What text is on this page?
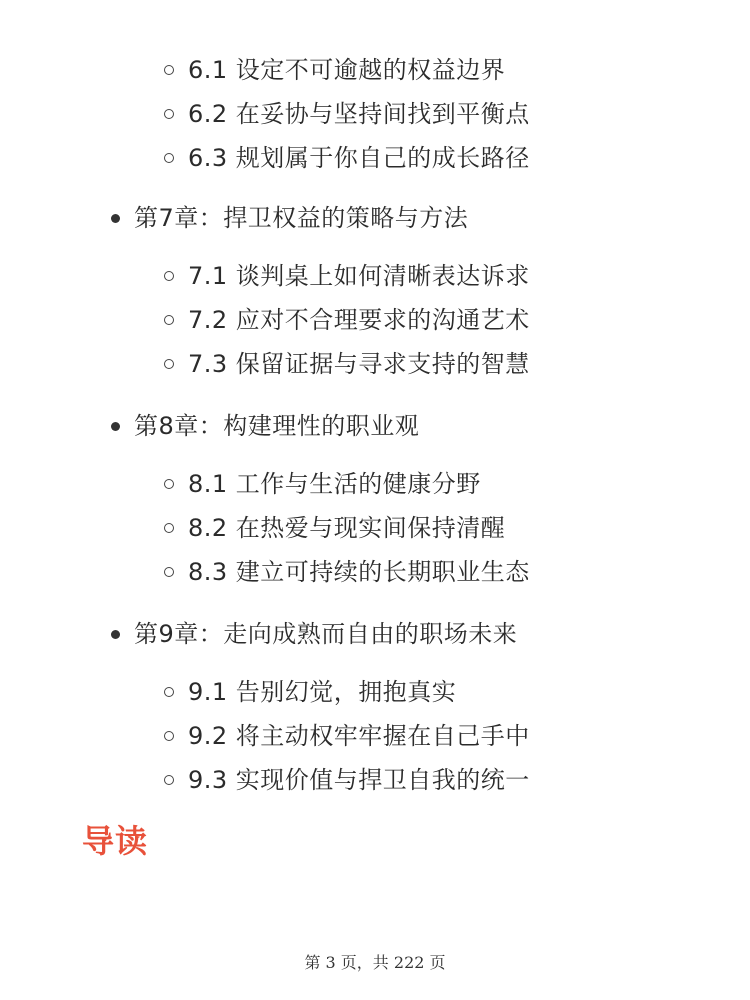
6.1 设定不可逾越的权益边界
6.2 在妥协与坚持间找到平衡点
6.3 规划属于你自己的成长路径
第7章：捍卫权益的策略与方法
7.1 谈判桌上如何清晰表达诉求
7.2 应对不合理要求的沟通艺术
7.3 保留证据与寻求支持的智慧
第8章：构建理性的职业观
8.1 工作与生活的健康分野
8.2 在热爱与现实间保持清醒
8.3 建立可持续的长期职业生态
第9章：走向成熟而自由的职场未来
9.1 告别幻觉，拥抱真实
9.2 将主动权牢牢握在自己手中
9.3 实现价值与捍卫自我的统一
导读
第 3 页，共 222 页
